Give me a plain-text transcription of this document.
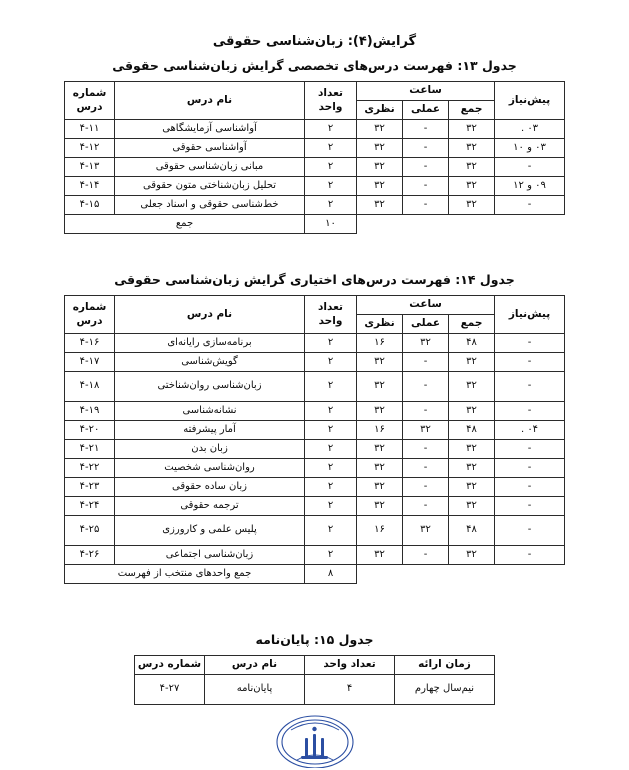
گرایش(۴): زبان‌شناسی حقوقی
جدول ۱۳: فهرست درس‌های تخصصی گرایش زبان‌شناسی حقوقی
پیش‌نیاز	ساعت			تعداد واحد	نام درس	شماره درس
	جمع	عملی	نظری			
۰۳ .	۳۲	-	۳۲	۲	آواشناسی آزمایشگاهی	۴-۱۱
۰۳ و ۱۰	۳۲	-	۳۲	۲	آواشناسی حقوقی	۴-۱۲
-	۳۲	-	۳۲	۲	مبانی زبان‌شناسی حقوقی	۴-۱۳
۰۹ و ۱۲	۳۲	-	۳۲	۲	تحلیل زبان‌شناختی متون حقوقی	۴-۱۴
-	۳۲	-	۳۲	۲	خط‌شناسی حقوقی و اسناد جعلی	۴-۱۵
				۱۰	جمع	
جدول ۱۴: فهرست درس‌های اختیاری گرایش زبان‌شناسی حقوقی
پیش‌نیاز	ساعت			تعداد واحد	نام درس	شماره درس
	جمع	عملی	نظری			
-	۴۸	۳۲	۱۶	۲	برنامه‌سازی رایانه‌ای	۴-۱۶
-	۳۲	-	۳۲	۲	گویش‌شناسی	۴-۱۷
-	۳۲	-	۳۲	۲	زبان‌شناسی روان‌شناختی	۴-۱۸
-	۳۲	-	۳۲	۲	نشانه‌شناسی	۴-۱۹
۰۴ .	۴۸	۳۲	۱۶	۲	آمار پیشرفته	۴-۲۰
-	۳۲	-	۳۲	۲	زبان بدن	۴-۲۱
-	۳۲	-	۳۲	۲	روان‌شناسی شخصیت	۴-۲۲
-	۳۲	-	۳۲	۲	زبان ساده حقوقی	۴-۲۳
-	۳۲	-	۳۲	۲	ترجمه حقوقی	۴-۲۴
-	۴۸	۳۲	۱۶	۲	پلیس علمی و کارورزی	۴-۲۵
-	۳۲	-	۳۲	۲	زبان‌شناسی اجتماعی	۴-۲۶
				۸	جمع واحدهای منتخب از فهرست	
جدول ۱۵: پایان‌نامه
زمان ارائه	تعداد واحد	نام درس	شماره درس
نیم‌سال چهارم	۴	پایان‌نامه	۴-۲۷
